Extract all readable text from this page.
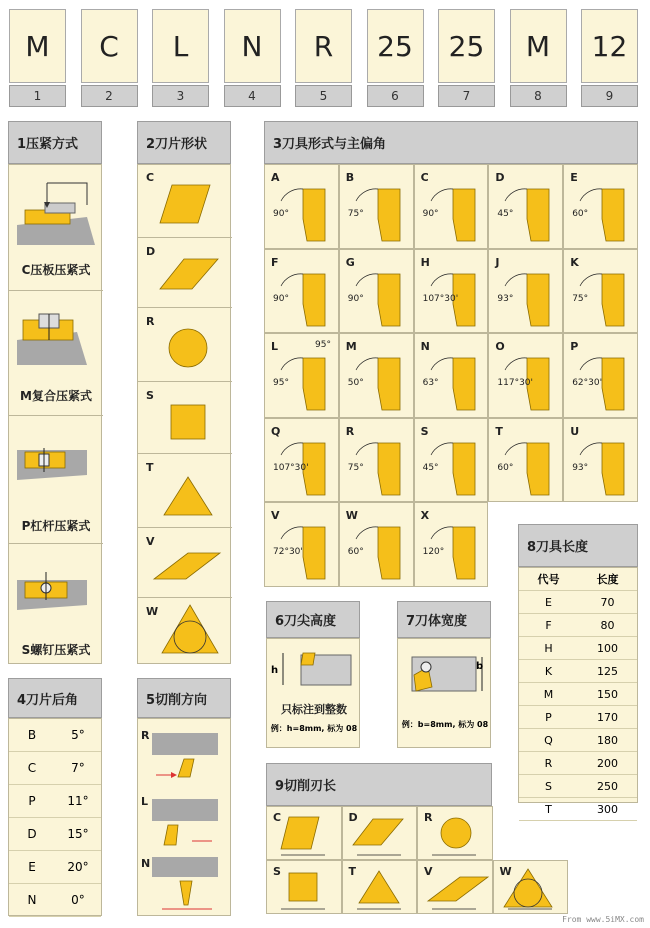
M
1
C
2
L
3
N
4
R
5
25
6
25
7
M
8
12
9
1压紧方式
C压板压紧式
M复合压紧式
P杠杆压紧式
S螺钉压紧式
2刀片形状
C
D
R
S
T
V
W
3刀具形式与主偏角
A
90°
B
75°
C
90°
D
45°
E
60°
F
90°
G
90°
H
107°30'
J
93°
K
75°
L
95°
95° M
50°
N
63°
O
117°30'
P
62°30'
Q
107°30'
R
75°
S
45°
T
60°
U
93°
V
72°30'
W
60°
X
120°
4刀片后角
B	5°
C	7°
P	11°
D	15°
E	20°
N	0°
5切削方向
R
L
N
6刀尖高度
h
只标注到整数
例：h=8mm, 标为 08
7刀体宽度
b
例：b=8mm, 标为 08
8刀具长度
代号	长度
E	70
F	80
H	100
K	125
M	150
P	170
Q	180
R	200
S	250
T	300
9切削刃长
C	D	R
S	T	V	W
From www.5iMX.com
